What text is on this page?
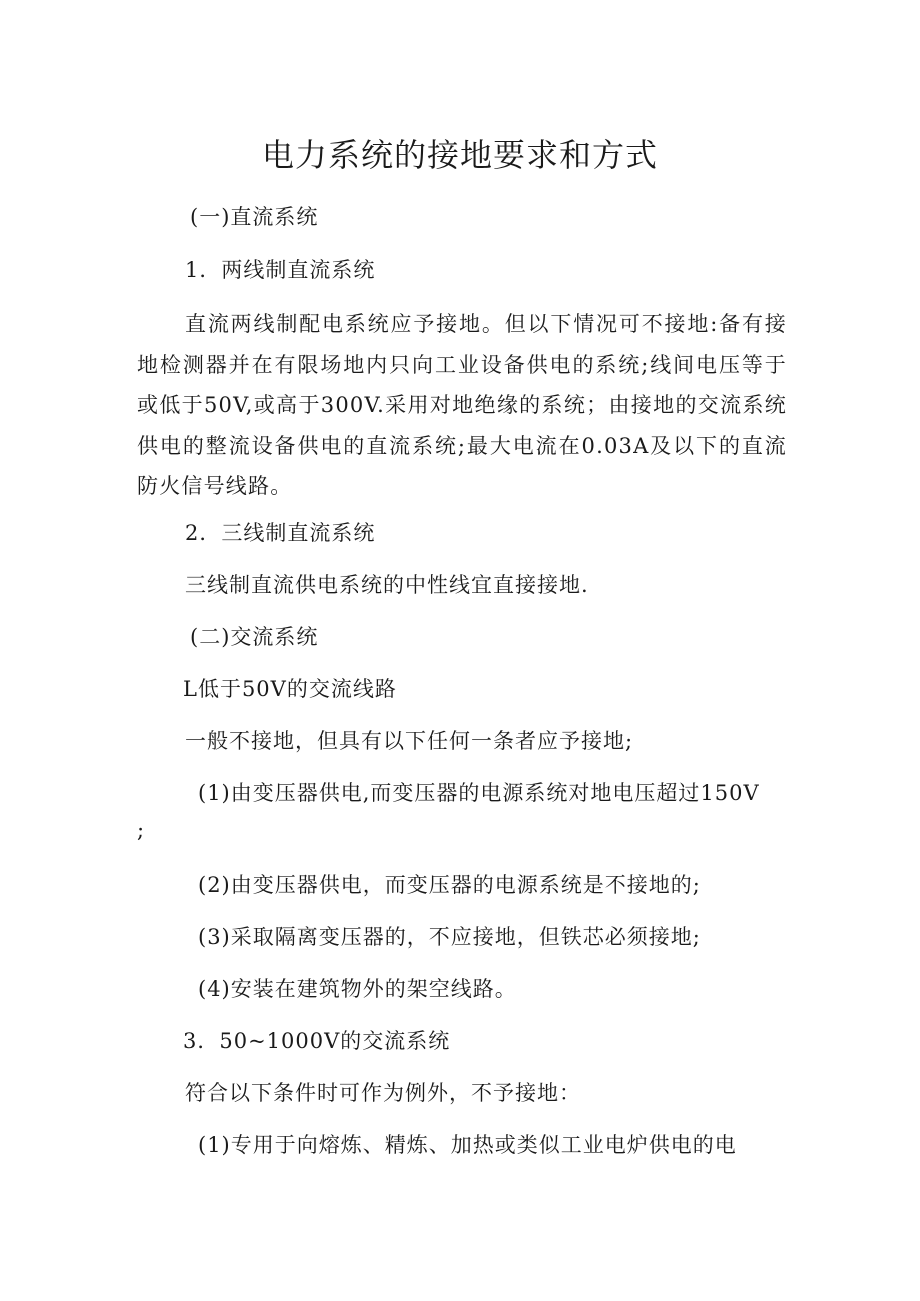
电力系统的接地要求和方式
(一)直流系统
1．两线制直流系统

直流两线制配电系统应予接地。但以下情况可不接地:备有接地检测器并在有限场地内只向工业设备供电的系统;线间电压等于或低于50V,或高于300V.采用对地绝缘的系统；由接地的交流系统供电的整流设备供电的直流系统;最大电流在0.03A及以下的直流防火信号线路。

2．三线制直流系统
三线制直流供电系统的中性线宜直接接地.
(二)交流系统
L低于50V的交流线路
一般不接地，但具有以下任何一条者应予接地;
(1)由变压器供电,而变压器的电源系统对地电压超过150V
;
(2)由变压器供电，而变压器的电源系统是不接地的;
(3)采取隔离变压器的，不应接地，但铁芯必须接地;
(4)安装在建筑物外的架空线路。
3．50~1000V的交流系统
符合以下条件时可作为例外，不予接地：
(1)专用于向熔炼、精炼、加热或类似工业电炉供电的电
